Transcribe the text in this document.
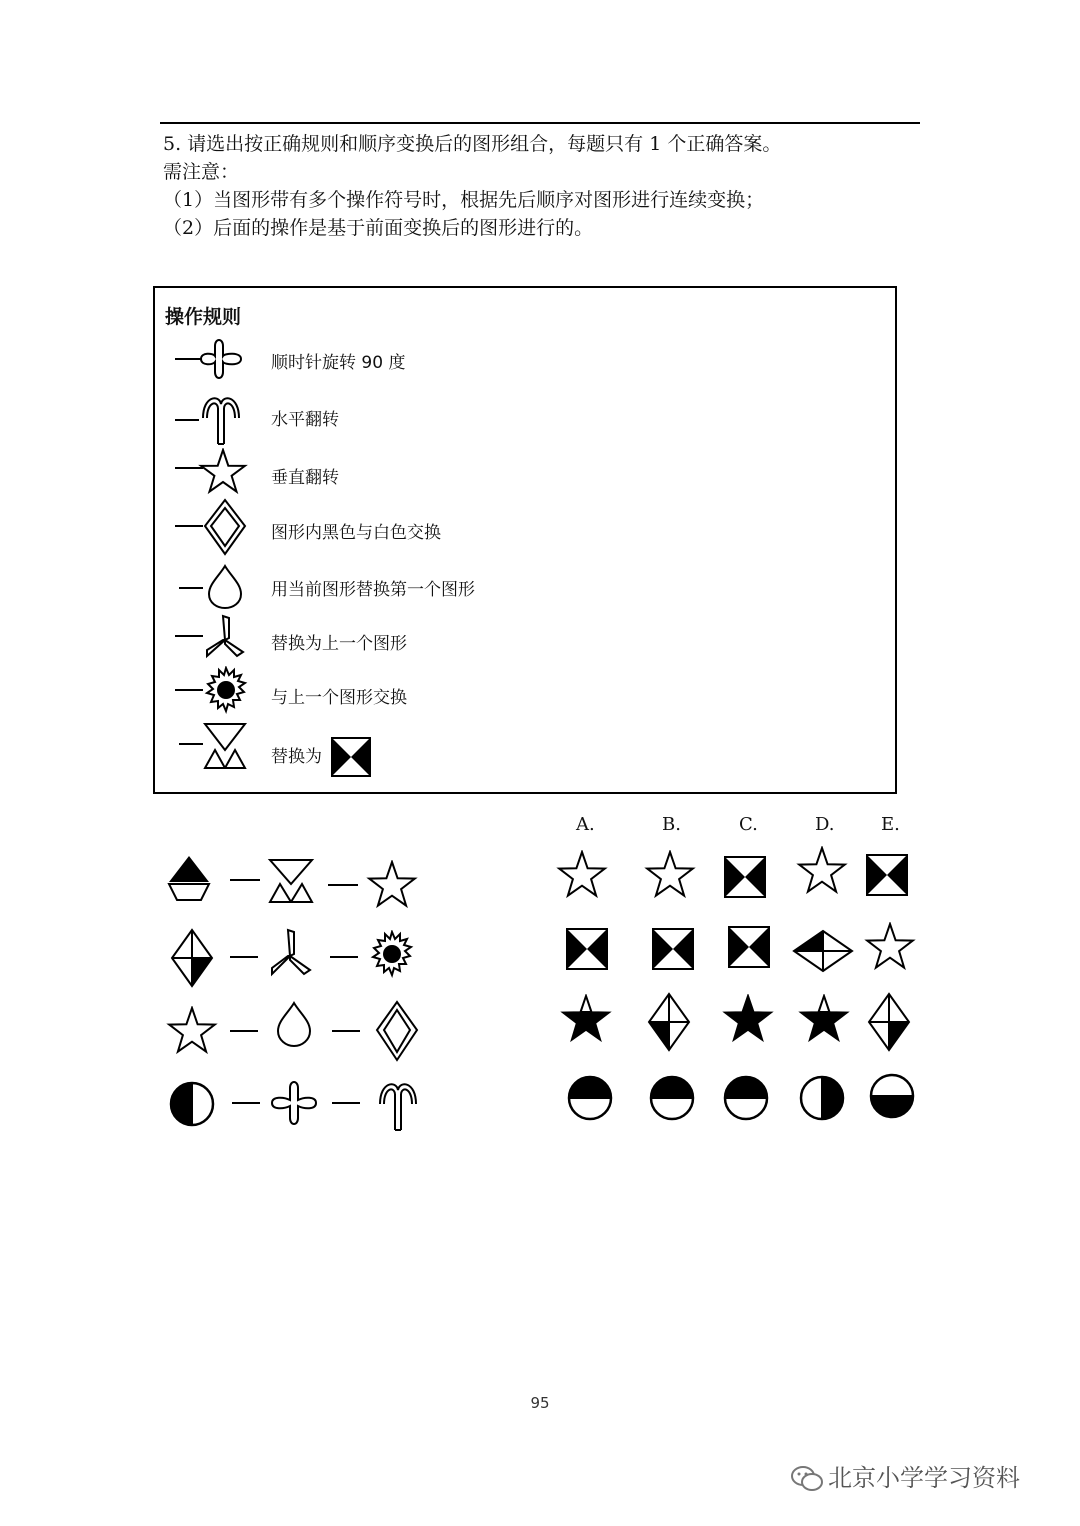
5. 请选出按正确规则和顺序变换后的图形组合，每题只有 1 个正确答案。
需注意：
（1）当图形带有多个操作符号时，根据先后顺序对图形进行连续变换；
（2）后面的操作是基于前面变换后的图形进行的。
操作规则
顺时针旋转 90 度
水平翻转
垂直翻转
图形内黑色与白色交换
用当前图形替换第一个图形
替换为上一个图形
与上一个图形交换
替换为
A.	B.	C.	D.	E.
95
北京小学学习资料
